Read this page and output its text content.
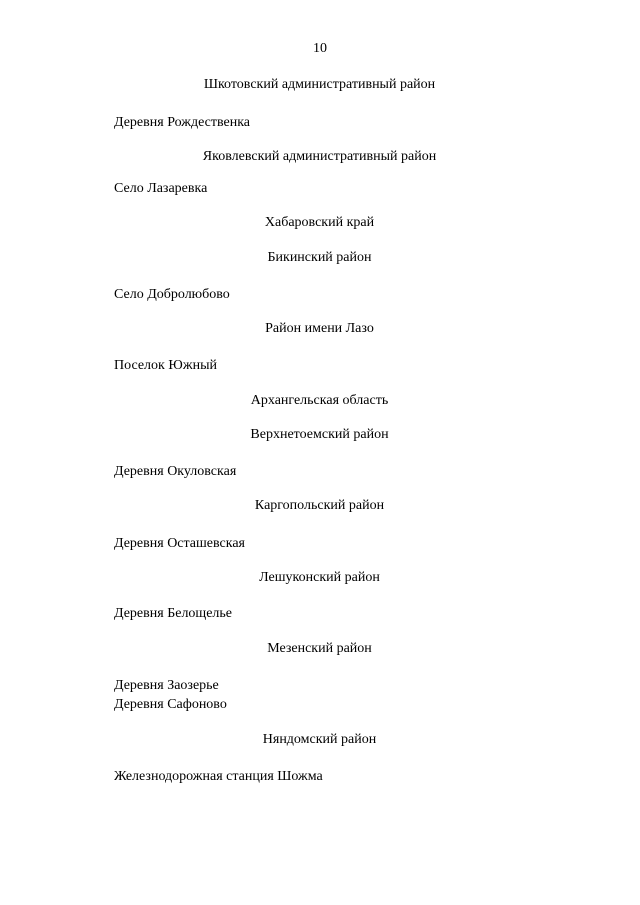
10
Шкотовский административный район
Деревня Рождественка
Яковлевский административный район
Село Лазаревка
Хабаровский край
Бикинский район
Село Добролюбово
Район имени Лазо
Поселок Южный
Архангельская область
Верхнетоемский район
Деревня Окуловская
Каргопольский район
Деревня Осташевская
Лешуконский район
Деревня Белощелье
Мезенский район
Деревня Заозерье
Деревня Сафоново
Няндомский район
Железнодорожная станция Шожма
